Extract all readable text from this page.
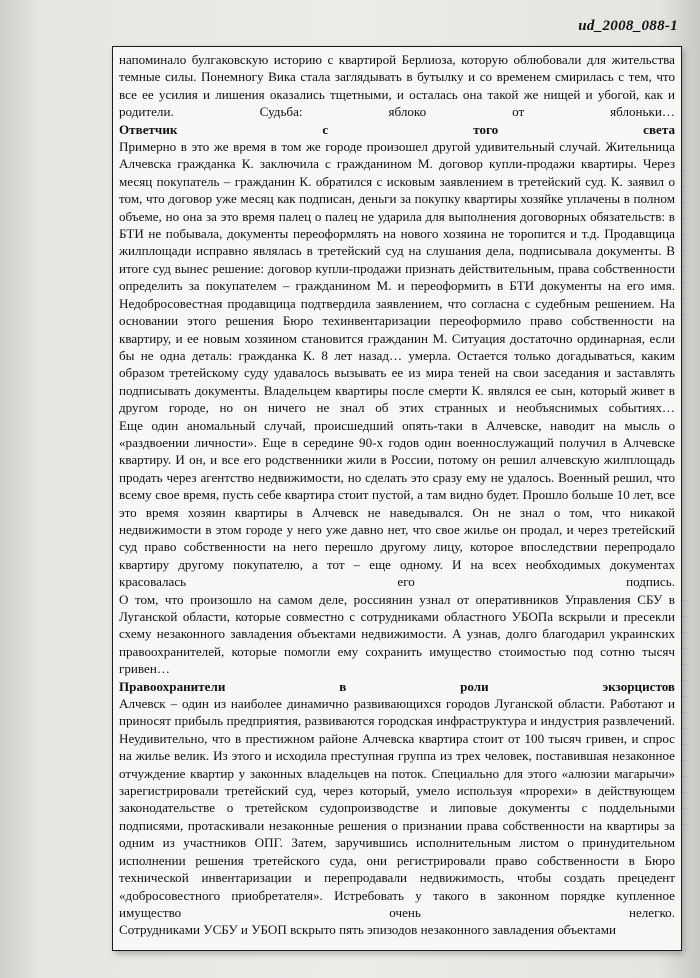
ud_2008_088-1

напоминало булгаковскую историю с квартирой Берлиоза, которую облюбовали для жительства темные силы. Понемногу Вика стала заглядывать в бутылку и со временем смирилась с тем, что все ее усилия и лишения оказались тщетными, и осталась она такой же нищей и убогой, как и родители. Судьба: яблоко от яблоньки…

Ответчик с того света

Примерно в это же время в том же городе произошел другой удивительный случай. Жительница Алчевска гражданка К. заключила с гражданином М. договор купли-продажи квартиры. Через месяц покупатель – гражданин К. обратился с исковым заявлением в третейский суд. К. заявил о том, что договор уже месяц как подписан, деньги за покупку квартиры хозяйке уплачены в полном объеме, но она за это время палец о палец не ударила для выполнения договорных обязательств: в БТИ не побывала, документы переоформлять на нового хозяина не торопится и т.д. Продавщица жилплощади исправно являлась в третейский суд на слушания дела, подписывала документы. В итоге суд вынес решение: договор купли-продажи признать действительным, права собственности определить за покупателем – гражданином М. и переоформить в БТИ документы на его имя. Недобросовестная продавщица подтвердила заявлением, что согласна с судебным решением. На основании этого решения Бюро техинвентаризации переоформило право собственности на квартиру, и ее новым хозяином становится гражданин М. Ситуация достаточно ординарная, если бы не одна деталь: гражданка К. 8 лет назад… умерла. Остается только догадываться, каким образом третейскому суду удавалось вызывать ее из мира теней на свои заседания и заставлять подписывать документы. Владельцем квартиры после смерти К. являлся ее сын, который живет в другом городе, но он ничего не знал об этих странных и необъяснимых событиях…

Еще один аномальный случай, происшедший опять-таки в Алчевске, наводит на мысль о «раздвоении личности». Еще в середине 90-х годов один военнослужащий получил в Алчевске квартиру. И он, и все его родственники жили в России, потому он решил алчевскую жилплощадь продать через агентство недвижимости, но сделать это сразу ему не удалось. Военный решил, что всему свое время, пусть себе квартира стоит пустой, а там видно будет. Прошло больше 10 лет, все это время хозяин квартиры в Алчевск не наведывался. Он не знал о том, что никакой недвижимости в этом городе у него уже давно нет, что свое жилье он продал, и через третейский суд право собственности на него перешло другому лицу, которое впоследствии перепродало квартиру другому покупателю, а тот – еще одному. И на всех необходимых документах красовалась его подпись.

О том, что произошло на самом деле, россиянин узнал от оперативников Управления СБУ в Луганской области, которые совместно с сотрудниками областного УБОПа вскрыли и пресекли схему незаконного завладения объектами недвижимости. А узнав, долго благодарил украинских правоохранителей, которые помогли ему сохранить имущество стоимостью под сотню тысяч гривен…

Правоохранители в роли экзорцистов

Алчевск – один из наиболее динамично развивающихся городов Луганской области. Работают и приносят прибыль предприятия, развиваются городская инфраструктура и индустрия развлечений. Неудивительно, что в престижном районе Алчевска квартира стоит от 100 тысяч гривен, и спрос на жилье велик. Из этого и исходила преступная группа из трех человек, поставившая незаконное отчуждение квартир у законных владельцев на поток. Специально для этого «алюзии магарычи» зарегистрировали третейский суд, через который, умело используя «прорехи» в действующем законодательстве о третейском судопроизводстве и липовые документы с поддельными подписями, протаскивали незаконные решения о признании права собственности на квартиры за одним из участников ОПГ. Затем, заручившись исполнительным листом о принудительном исполнении решения третейского суда, они регистрировали право собственности в Бюро технической инвентаризации и перепродавали недвижимость, чтобы создать прецедент «добросовестного приобретателя». Истребовать у такого в законном порядке купленное имущество очень нелегко.

Сотрудниками УСБУ и УБОП вскрыто пять эпизодов незаконного завладения объектами
